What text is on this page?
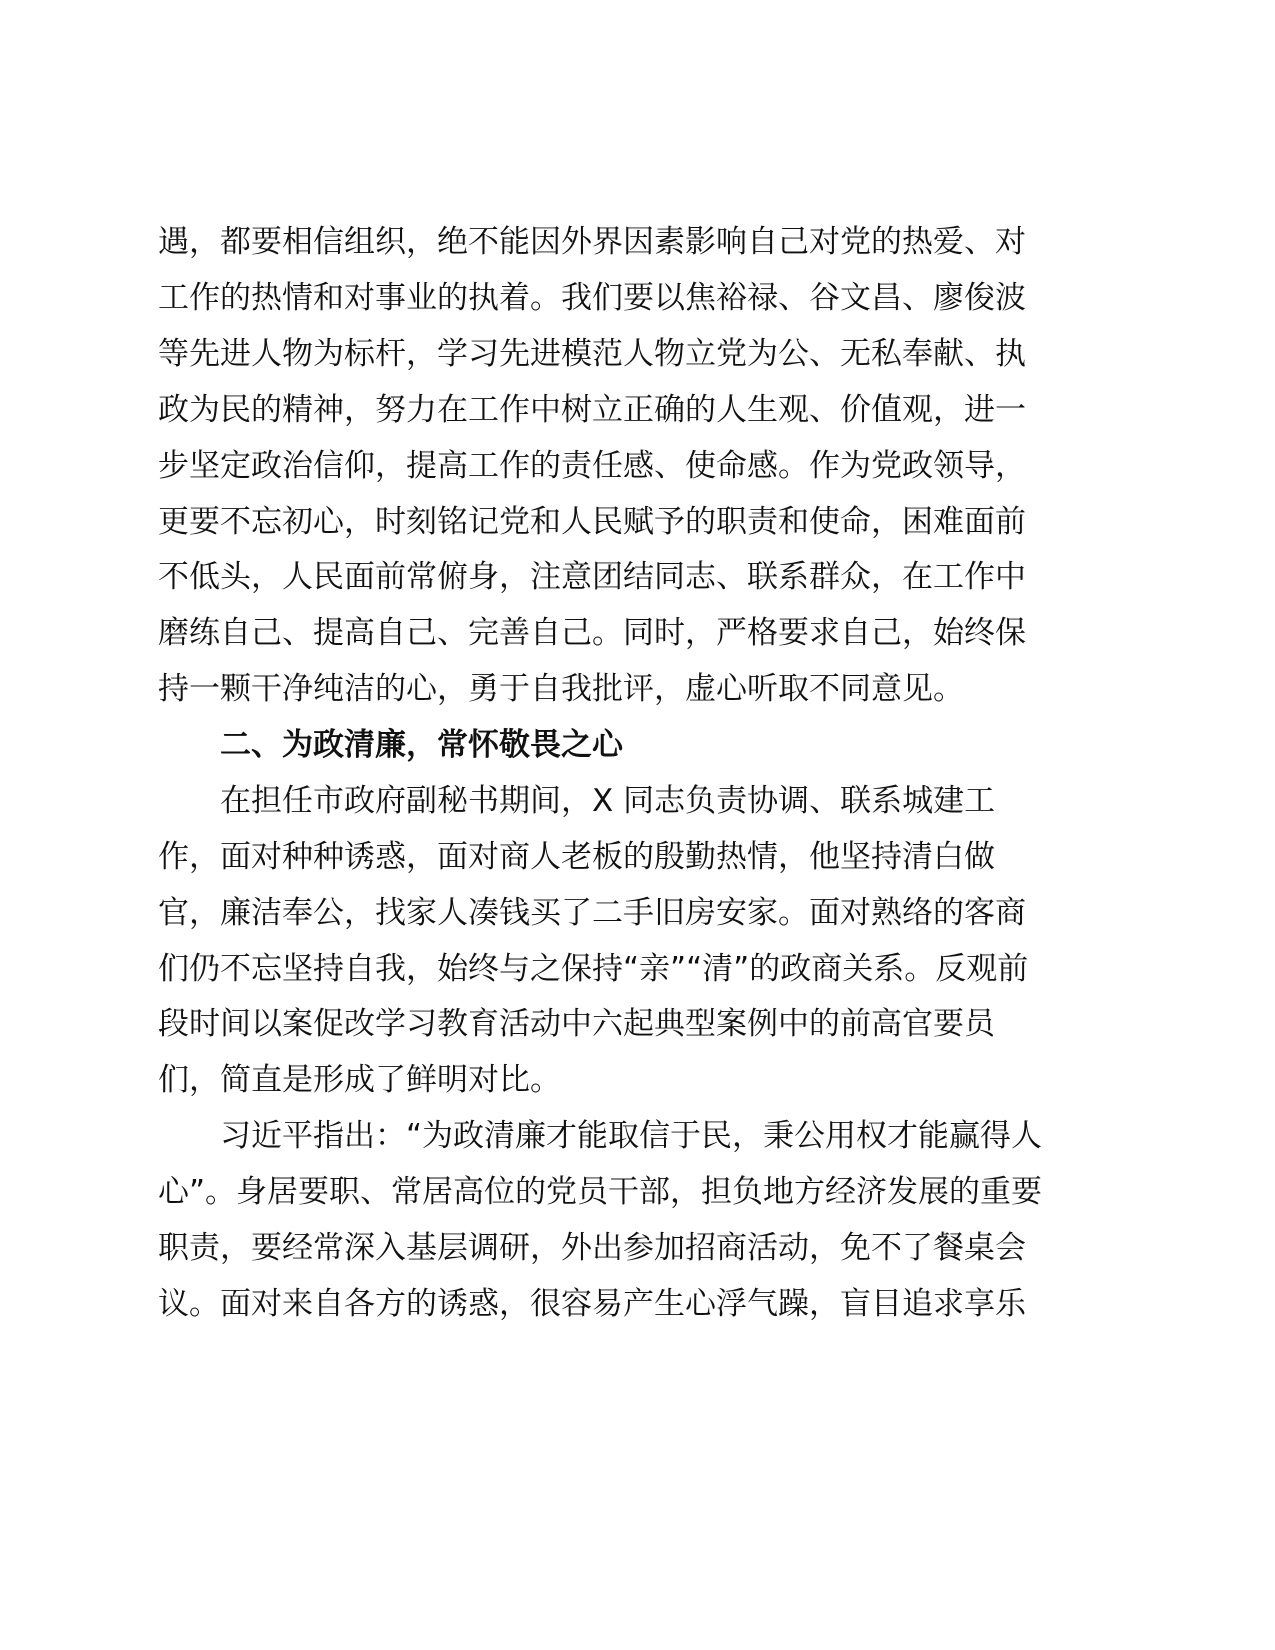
遇，都要相信组织，绝不能因外界因素影响自己对党的热爱、对
工作的热情和对事业的执着。我们要以焦裕禄、谷文昌、廖俊波
等先进人物为标杆，学习先进模范人物立党为公、无私奉献、执
政为民的精神，努力在工作中树立正确的人生观、价值观，进一
步坚定政治信仰，提高工作的责任感、使命感。作为党政领导，
更要不忘初心，时刻铭记党和人民赋予的职责和使命，困难面前
不低头，人民面前常俯身，注意团结同志、联系群众，在工作中
磨练自己、提高自己、完善自己。同时，严格要求自己，始终保
持一颗干净纯洁的心，勇于自我批评，虚心听取不同意见。
二、为政清廉，常怀敬畏之心
在担任市政府副秘书期间，X 同志负责协调、联系城建工
作，面对种种诱惑，面对商人老板的殷勤热情，他坚持清白做
官，廉洁奉公，找家人凑钱买了二手旧房安家。面对熟络的客商
们仍不忘坚持自我，始终与之保持“亲”“清”的政商关系。反观前
段时间以案促改学习教育活动中六起典型案例中的前高官要员
们，简直是形成了鲜明对比。
习近平指出：“为政清廉才能取信于民，秉公用权才能赢得人
心”。身居要职、常居高位的党员干部，担负地方经济发展的重要
职责，要经常深入基层调研，外出参加招商活动，免不了餐桌会
议。面对来自各方的诱惑，很容易产生心浮气躁，盲目追求享乐
